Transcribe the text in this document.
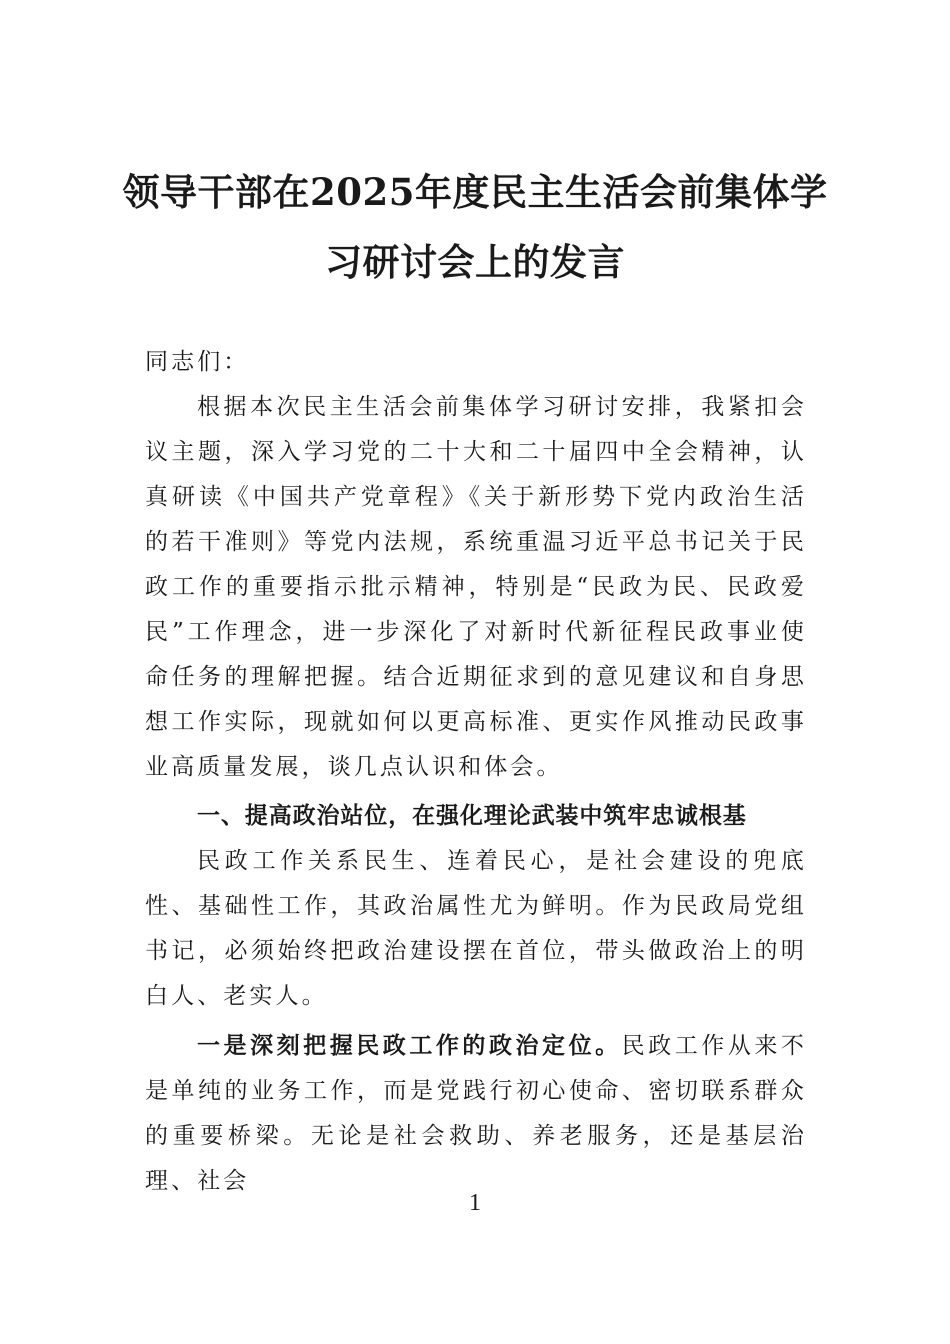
领导干部在2025年度民主生活会前集体学
习研讨会上的发言

同志们：

根据本次民主生活会前集体学习研讨安排，我紧扣会议主题，深入学习党的二十大和二十届四中全会精神，认真研读《中国共产党章程》《关于新形势下党内政治生活的若干准则》等党内法规，系统重温习近平总书记关于民政工作的重要指示批示精神，特别是“民政为民、民政爱民”工作理念，进一步深化了对新时代新征程民政事业使命任务的理解把握。结合近期征求到的意见建议和自身思想工作实际，现就如何以更高标准、更实作风推动民政事业高质量发展，谈几点认识和体会。

一、提高政治站位，在强化理论武装中筑牢忠诚根基

民政工作关系民生、连着民心，是社会建设的兜底性、基础性工作，其政治属性尤为鲜明。作为民政局党组书记，必须始终把政治建设摆在首位，带头做政治上的明白人、老实人。

一是深刻把握民政工作的政治定位。民政工作从来不是单纯的业务工作，而是党践行初心使命、密切联系群众的重要桥梁。无论是社会救助、养老服务，还是基层治理、社会

1
